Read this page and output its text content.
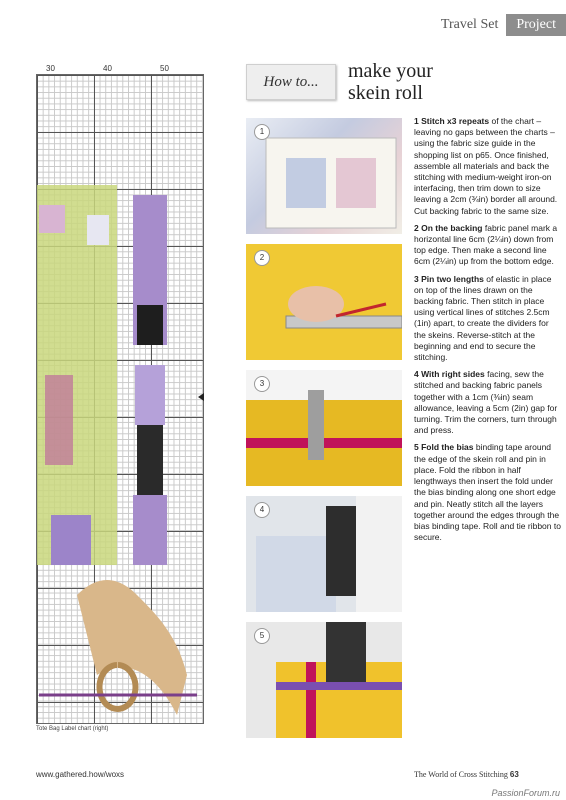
Travel Set	Project
30	40	50
Tote Bag Label chart (right)
How to...	make your
skein roll
1
2
3
4
5

1 Stitch x3 repeats of the chart – leaving no gaps between the charts – using the fabric size guide in the shopping list on p65. Once finished, assemble all materials and back the stitching with medium-weight iron-on interfacing, then trim down to size leaving a 2cm (¾in) border all around. Cut backing fabric to the same size.

2 On the backing fabric panel mark a horizontal line 6cm (2¼in) down from top edge. Then make a second line 6cm (2¼in) up from the bottom edge.

3 Pin two lengths of elastic in place on top of the lines drawn on the backing fabric. Then stitch in place using vertical lines of stitches 2.5cm (1in) apart, to create the dividers for the skeins. Reverse-stitch at the beginning and end to secure the stitching.

4 With right sides facing, sew the stitched and backing fabric panels together with a 1cm (⅜in) seam allowance, leaving a 5cm (2in) gap for turning. Trim the corners, turn through and press.

5 Fold the bias binding tape around the edge of the skein roll and pin in place. Fold the ribbon in half lengthways then insert the fold under the bias binding along one short edge and pin. Neatly stitch all the layers together around the edges through the bias binding tape. Roll and tie ribbon to secure.

www.gathered.how/woxs	The World of Cross Stitching 63
PassionForum.ru
